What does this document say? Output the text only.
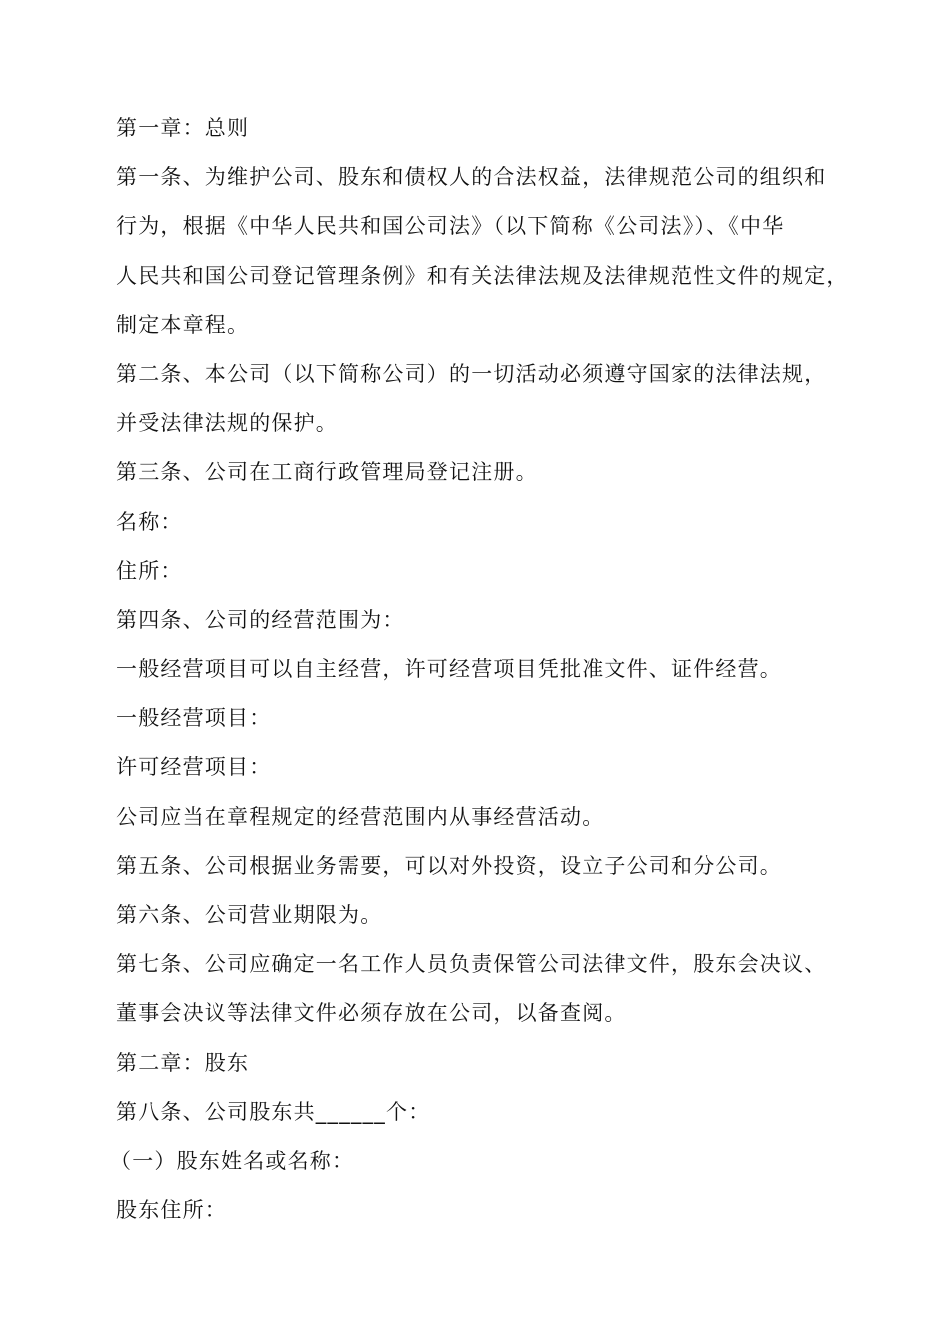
第一章：总则
第一条、为维护公司、股东和债权人的合法权益，法律规范公司的组织和
行为，根据《中华人民共和国公司法》（以下简称《公司法》）、《中华
人民共和国公司登记管理条例》和有关法律法规及法律规范性文件的规定，
制定本章程。
第二条、本公司（以下简称公司）的一切活动必须遵守国家的法律法规，
并受法律法规的保护。
第三条、公司在工商行政管理局登记注册。
名称：
住所：
第四条、公司的经营范围为：
一般经营项目可以自主经营，许可经营项目凭批准文件、证件经营。
一般经营项目：
许可经营项目：
公司应当在章程规定的经营范围内从事经营活动。
第五条、公司根据业务需要，可以对外投资，设立子公司和分公司。
第六条、公司营业期限为。
第七条、公司应确定一名工作人员负责保管公司法律文件，股东会决议、
董事会决议等法律文件必须存放在公司，以备查阅。
第二章：股东
第八条、公司股东共______个：
（一）股东姓名或名称：
股东住所：
